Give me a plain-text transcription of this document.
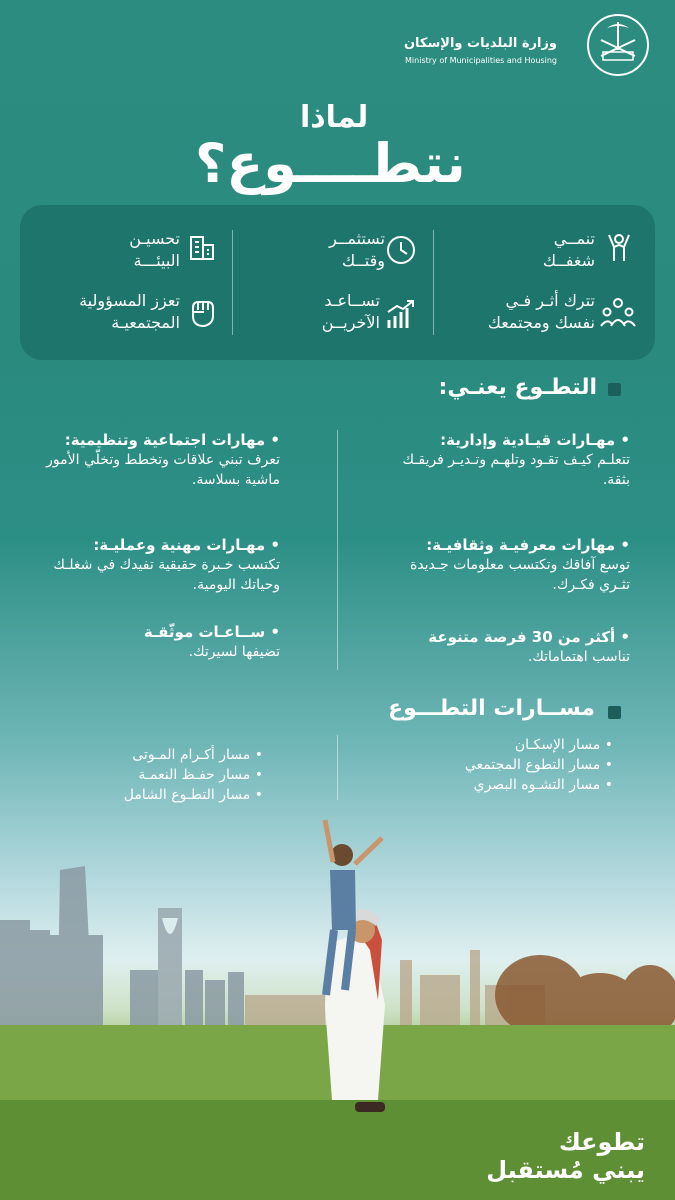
وزارة البلديات والإسكان
Ministry of Municipalities and Housing
لماذا
نتطــــوع؟
تنمــي
شغفــك
تستثمــر
وقتــك
تحسيـن
البيئـــة
تترك أثـر فـي
نفسك ومجتمعك
تســاعـد
الآخريــن
تعزز المسؤولية
المجتمعيـة
التطـوع يعنـي:
• مهـارات قيـادية وإدارية:
تتعلـم كيـف تقـود وتلهـم وتـديـر فريقـك بثقة.
• مهارات معرفيـة وثقافيـة:
توسع آفاقك وتكتسب معلومات جـديدة تثـري فكـرك.
• أكثر من 30 فرصة متنوعة
تناسب اهتماماتك.
• مهارات اجتماعية وتنظيمية:
تعرف تبني علاقات وتخطط وتخلّي الأمور ماشية بسلاسة.
• مهـارات مهنية وعمليـة:
تكتسب خـبرة حقيقية تفيدك في شغلـك وحياتك اليومية.
• ســاعـات موثّقـة
تضيفها لسيرتك.
مســارات التطـــوع
• مسار الإسكـان
• مسار التطوع المجتمعي
• مسار التشـوه البصري
• مسار أكـرام المـوتى
• مسار حفـظ النعمـة
• مسار التطـوع الشامل
تطوعك
يبني مُستقبل
